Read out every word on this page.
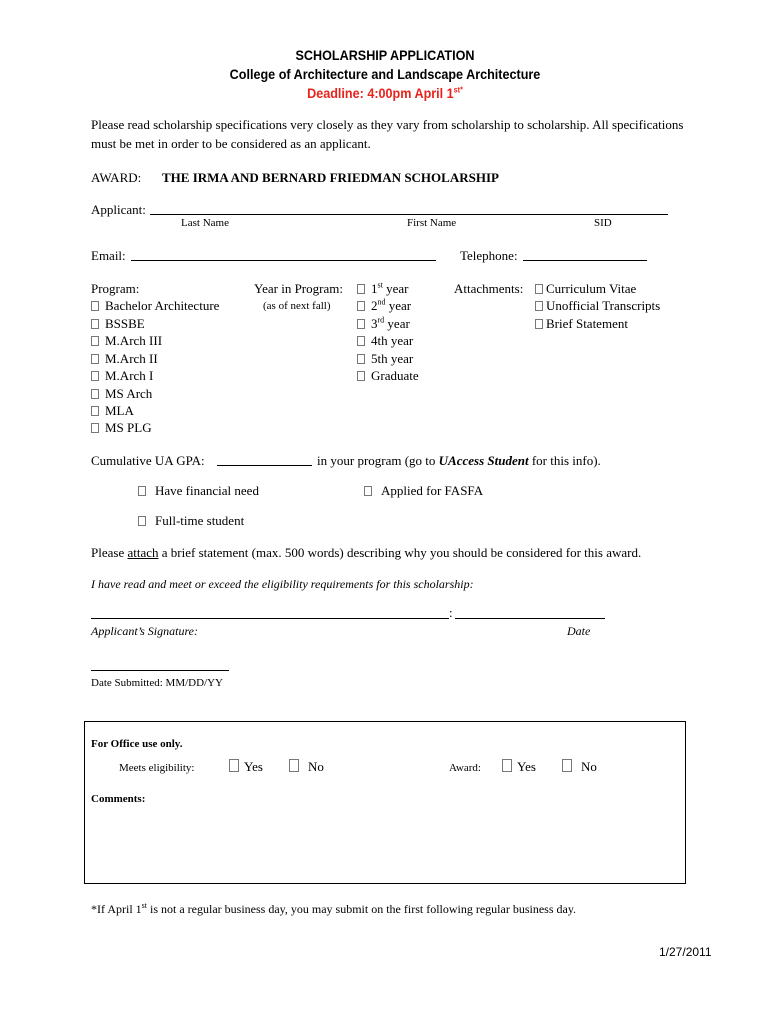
SCHOLARSHIP APPLICATION
College of Architecture and Landscape Architecture
Deadline: 4:00pm April $1^{st*}$
Please read scholarship specifications very closely as they vary from scholarship to scholarship. All specifications
must be met in order to be considered as an applicant.
AWARD: THE IRMA AND BERNARD FRIEDMAN SCHOLARSHIP
Applicant:
Last Name	First Name	SID
Email:	Telephone:
Program:
Bachelor Architecture
BSSBE
M.Arch III
M.Arch II
M.Arch I
MS Arch
MLA
MS PLG
Year in Program:
(as of next fall)
1st year
2nd year
3rd year
4th year
5th year
Graduate
Attachments:	Curriculum Vitae
Unofficial Transcripts
Brief Statement
Cumulative UA GPA:	in your program (go to UAccess Student for this info).
Have financial need	Applied for FASFA
Full-time student
Please attach a brief statement (max. 500 words) describing why you should be considered for this award.
I have read and meet or exceed the eligibility requirements for this scholarship:
:
Applicant’s Signature:	Date
Date Submitted: MM/DD/YY
For Office use only.
Meets eligibility:	Yes	No	Award:	Yes	No
Comments:
*If April 1st is not a regular business day, you may submit on the first following regular business day.
1/27/2011
